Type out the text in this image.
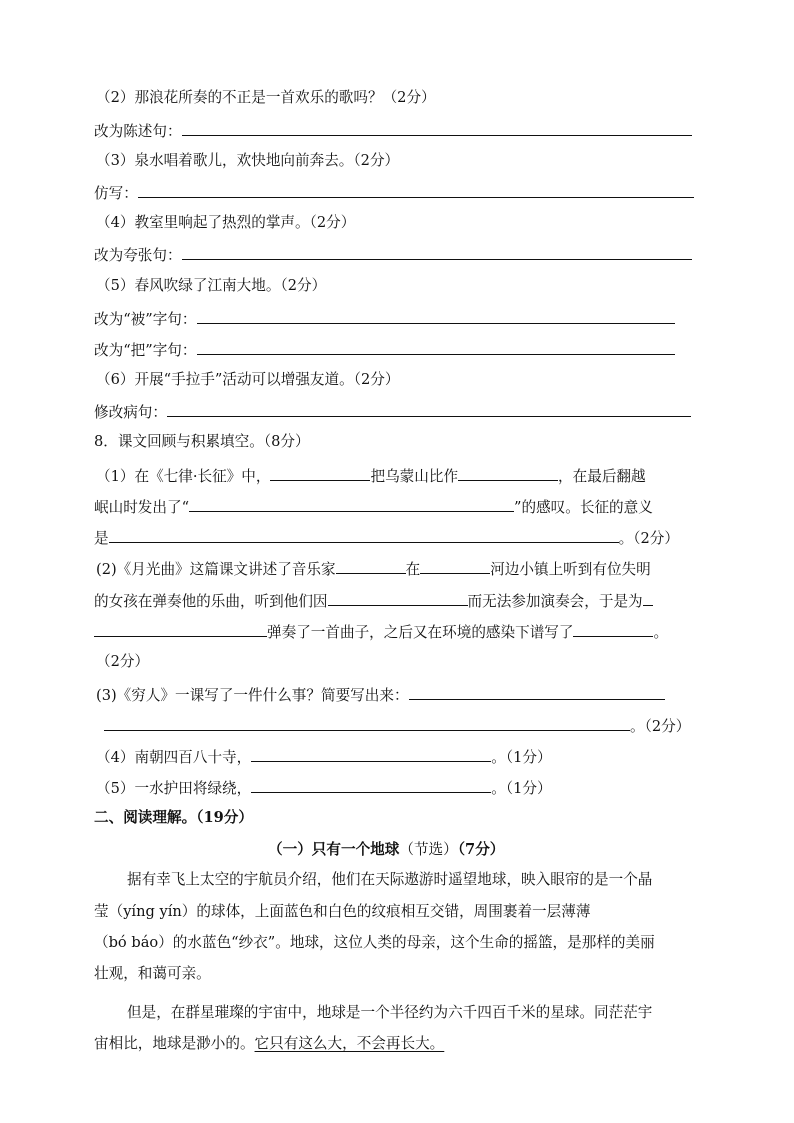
（2）那浪花所奏的不正是一首欢乐的歌吗？（2分）
改为陈述句：
（3）泉水唱着歌儿，欢快地向前奔去。（2分）
仿写：
（4）教室里响起了热烈的掌声。（2分）
改为夸张句：
（5）春风吹绿了江南大地。（2分）
改为“被”字句：
改为“把”字句：
（6）开展“手拉手”活动可以增强友道。（2分）
修改病句：
8．课文回顾与积累填空。（8分）
（1）在《七律·长征》中，	把乌蒙山比作	，在最后翻越
岷山时发出了“	”的感叹。长征的意义
是	。（2分）
(2)《月光曲》这篇课文讲述了音乐家	在	河边小镇上听到有位失明
的女孩在弹奏他的乐曲，听到他们因	而无法参加演奏会，于是为
弹奏了一首曲子，之后又在环境的感染下谱写了	。
（2分）
(3)《穷人》一课写了一件什么事？简要写出来：
。（2分）
（4）南朝四百八十寺，	。（1分）
（5）一水护田将绿绕，	。（1分）
二、阅读理解。（19分）
（一）只有一个地球（节选）（7分）
据有幸飞上太空的宇航员介绍，他们在天际遨游时遥望地球，映入眼帘的是一个晶
莹（yíng yín）的球体，上面蓝色和白色的纹痕相互交错，周围裹着一层薄薄
（bó báo）的水蓝色“纱衣”。地球，这位人类的母亲，这个生命的摇篮，是那样的美丽
壮观，和蔼可亲。
但是，在群星璀璨的宇宙中，地球是一个半径约为六千四百千米的星球。同茫茫宇
宙相比，地球是渺小的。它只有这么大，不会再长大。
